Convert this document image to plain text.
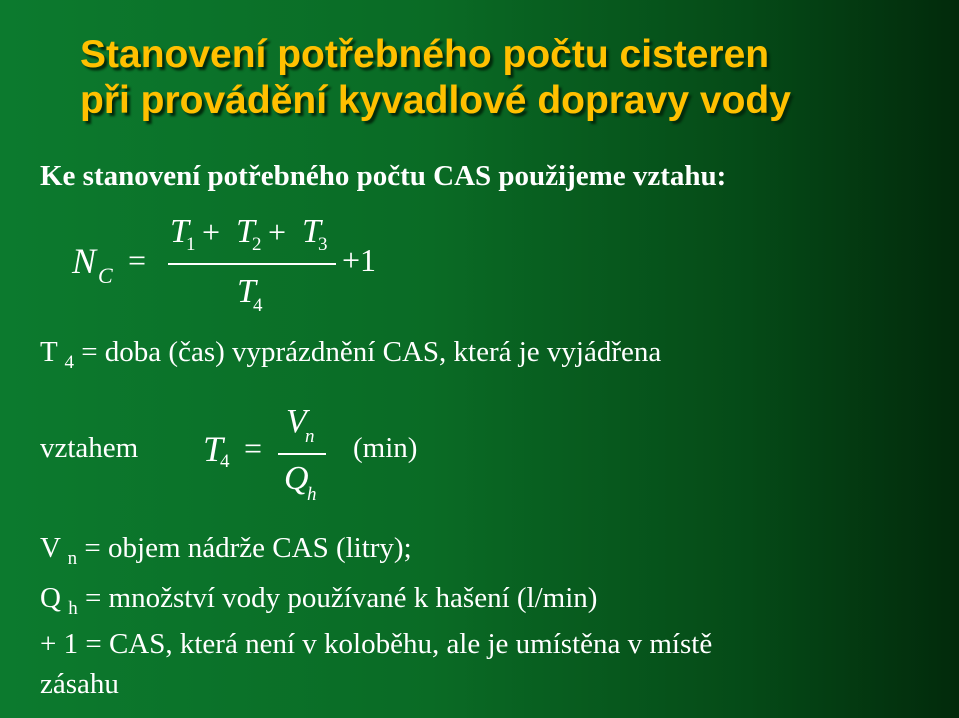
Stanovení potřebného počtu cisteren
při provádění kyvadlové dopravy vody
Ke stanovení potřebného počtu CAS použijeme vztahu:
N C =
T
1 + T
2 + T
3
T
4
+1
T $_4$ = doba (čas) vyprázdnění CAS, která je vyjádřena
vztahem T
4 =
V
n
Q
h
(min)
V $_n$ = objem nádrže CAS (litry);
Q $_h$ = množství vody používané k hašení (l/min)
+ 1 = CAS, která není v koloběhu, ale je umístěna v místě
zásahu
